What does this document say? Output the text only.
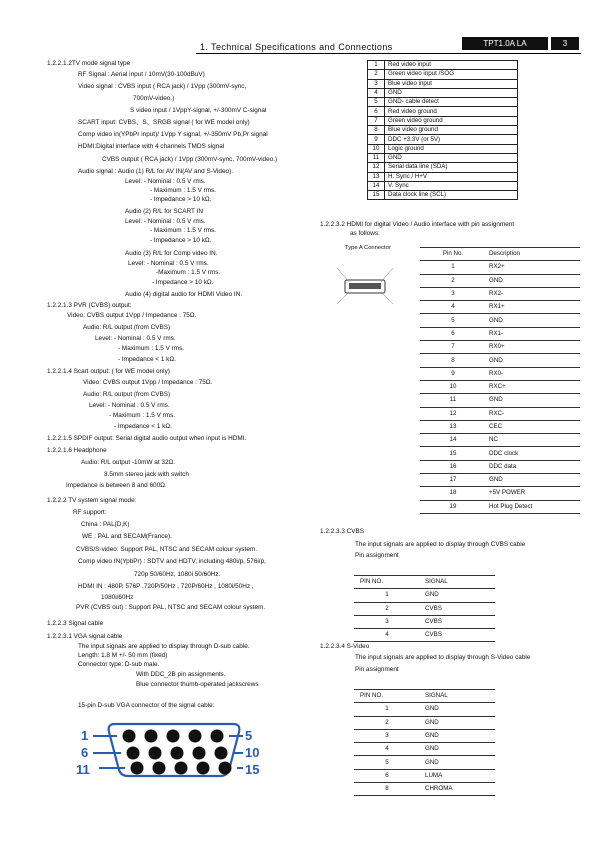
1. Technical Specifications and Connections	TPT1.0A LA	3
1.2.2.1.2TV mode signal type
RF Signal : Aerial input / 10mV(30-100dBuV)
Video signal : CVBS input ( RCA jack) / 1Vpp (300mV-sync,
700mV-video.)
S video input / 1VppY-signal, +/-300mV C-signal
SCART input: CVBS、S、SRGB signal ( for WE model only)
Comp video in(YPbPr input)/ 1Vpp Y signal, +/-350mV Pb,Pr signal
HDMI:Digital interface with 4 channels TMDS signal
CVBS output ( RCA jack) / 1Vpp (300mV-sync, 700mV-video.)
Audio signal : Audio (1) R/L for AV IN(AV and S-Video).
Level: - Nominal : 0.5 V rms.
- Maximum : 1.5 V rms.
- Impedance > 10 kΩ.
Audio (2) R/L for SCART IN
Level: - Nominal : 0.5 V rms.
- Maximum : 1.5 V rms.
- Impedance > 10 kΩ.
Audio (3) R/L for Comp video IN.
Level: - Nominal : 0.5 V rms.
-Maximum : 1.5 V rms.
- Impedance > 10 kΩ.
Audio (4) digital audio for HDMI Video IN.
1.2.2.1.3 PVR (CVBS) output:
Video: CVBS output 1Vpp / Impedance : 75Ω.
Audio: R/L output (from CVBS)
Level: - Nominal : 0.5 V rms.
- Maximum : 1.5 V rms.
- Impedance < 1 kΩ.
1.2.2.1.4 Scart output: ( for WE model only)
Video: CVBS output 1Vpp / Impedance : 75Ω.
Audio: R/L output (from CVBS)
Level: - Nominal : 0.5 V rms.
- Maximum : 1.5 V rms.
- Impedance < 1 kΩ.
1.2.2.1.5 SPDIF output: Serial digital audio output when input is HDMI.
1.2.2.1.6 Headphone
Audio: R/L output -10mW at 32Ω.
3.5mm stereo jack with switch
Impedance is between 8 and 600Ω.
1.2.2.2 TV system signal mode:
RF support:
China : PAL(D,K)
WE : PAL and SECAM(France).
CVBS/S-video: Support PAL, NTSC and SECAM colour system.
Comp video IN(YpbPr) : SDTV and HDTV, including 480i/p, 576i/p,
720p 50/60Hz, 1080i 50/60Hz.
HDMI IN : 480P, 576P ,720P/50Hz , 720P/60Hz , 1080i/50Hz ,
1080i/60Hz
PVR (CVBS out) : Support PAL, NTSC and SECAM colour system.
1.2.2.3 Signal cable
1.2.2.3.1 VGA signal cable
The input signals are applied to display through D-sub cable.
Length: 1.8 M +/- 50 mm (fixed)
Connector type: D-sub male.
With DDC_2B pin assignments.
Blue connector thumb-operated jackscrews
15-pin D-sub VGA connector of the signal cable:
1	5
6	10
11	15
1	Red video input
2	Green video input /SOG
3	Blue video input
4	GND
5	GND- cable detect
6	Red video ground
7	Green video ground
8	Blue video ground
9	DDC +3.3V (or 5V)
10	Logic ground
11	GND
12	Serial data line (SDA)
13	H. Sync / H+V
14	V. Sync
15	Data clock line (SCL)
1.2.2.3.2 HDMI for digital Video / Audio interface with pin assignment
as follows:
Type A Connector
Pin No.	Description
1	RX2+
2	GND
3	RX2-
4	RX1+
5	GND
6	RX1-
7	RX0+
8	GND
9	RX0-
10	RXC+
11	GND
12	RXC-
13	CEC
14	NC
15	DDC clock
16	DDC data
17	GND
18	+5V POWER
19	Hot Plug Detect
1.2.2.3.3 CVBS
The input signals are applied to display through CVBS cable
Pin assignment
PIN NO.	SIGNAL
1	GND
2	CVBS
3	CVBS
4	CVBS
1.2.2.3.4 S-Video
The input signals are applied to display through S-Video cable
Pin assignment
PIN NO.	SIGNAL
1	GND
2	GND
3	GND
4	GND
5	GND
6	LUMA
8	CHROMA
